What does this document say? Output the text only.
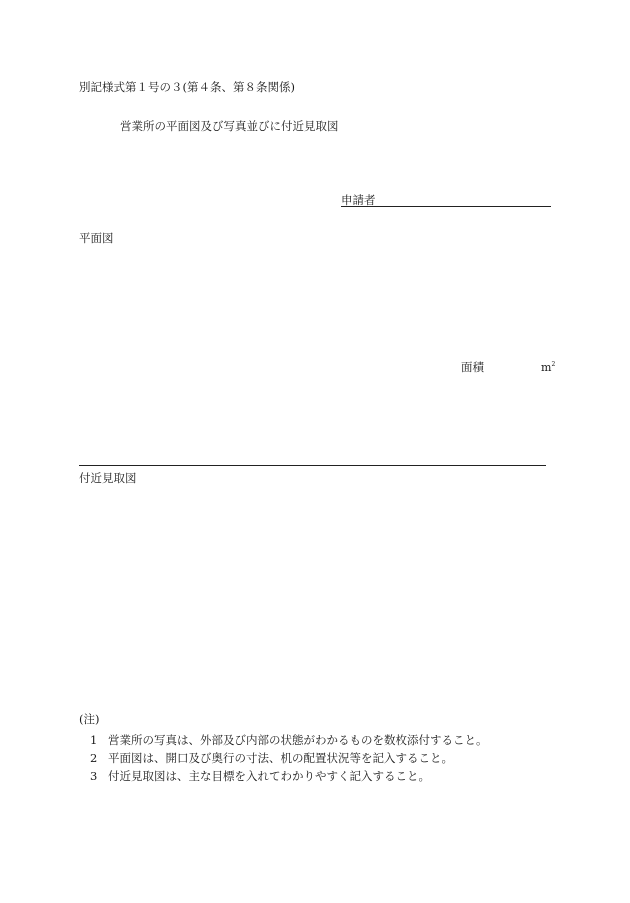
別記様式第１号の３(第４条、第８条関係)
営業所の平面図及び写真並びに付近見取図
申請者
平面図
面積	$m^2$
付近見取図
(注)
1 営業所の写真は、外部及び内部の状態がわかるものを数枚添付すること。
2 平面図は、開口及び奥行の寸法、机の配置状況等を記入すること。
3 付近見取図は、主な目標を入れてわかりやすく記入すること。
